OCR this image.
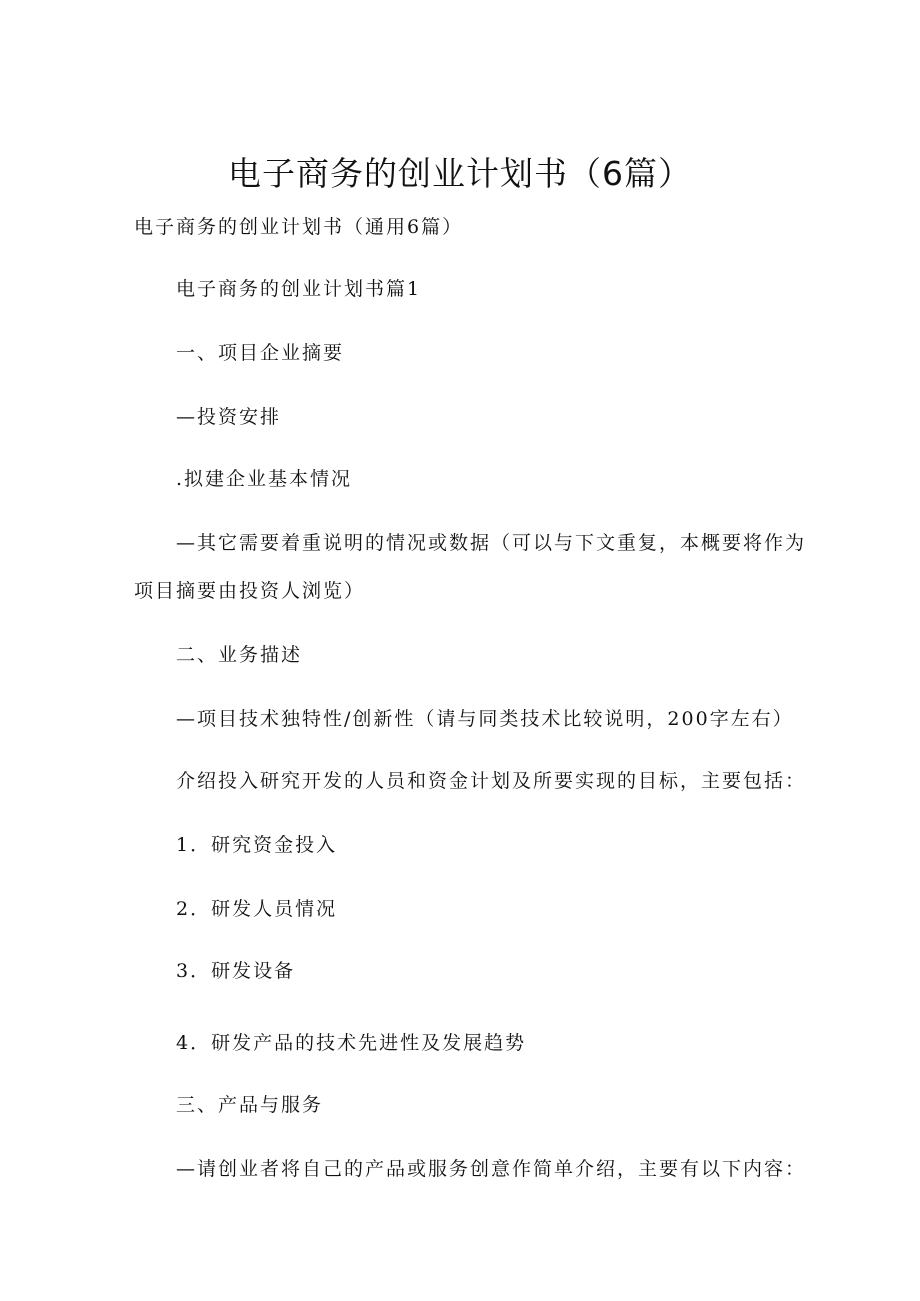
电子商务的创业计划书（6篇）

电子商务的创业计划书（通用6篇）

电子商务的创业计划书篇1

一、项目企业摘要

—投资安排

.拟建企业基本情况

—其它需要着重说明的情况或数据（可以与下文重复，本概要将作为

项目摘要由投资人浏览）

二、业务描述

—项目技术独特性/创新性（请与同类技术比较说明，200字左右）

介绍投入研究开发的人员和资金计划及所要实现的目标，主要包括：

1．研究资金投入

2．研发人员情况

3．研发设备

4．研发产品的技术先进性及发展趋势

三、产品与服务

—请创业者将自己的产品或服务创意作简单介绍，主要有以下内容：
